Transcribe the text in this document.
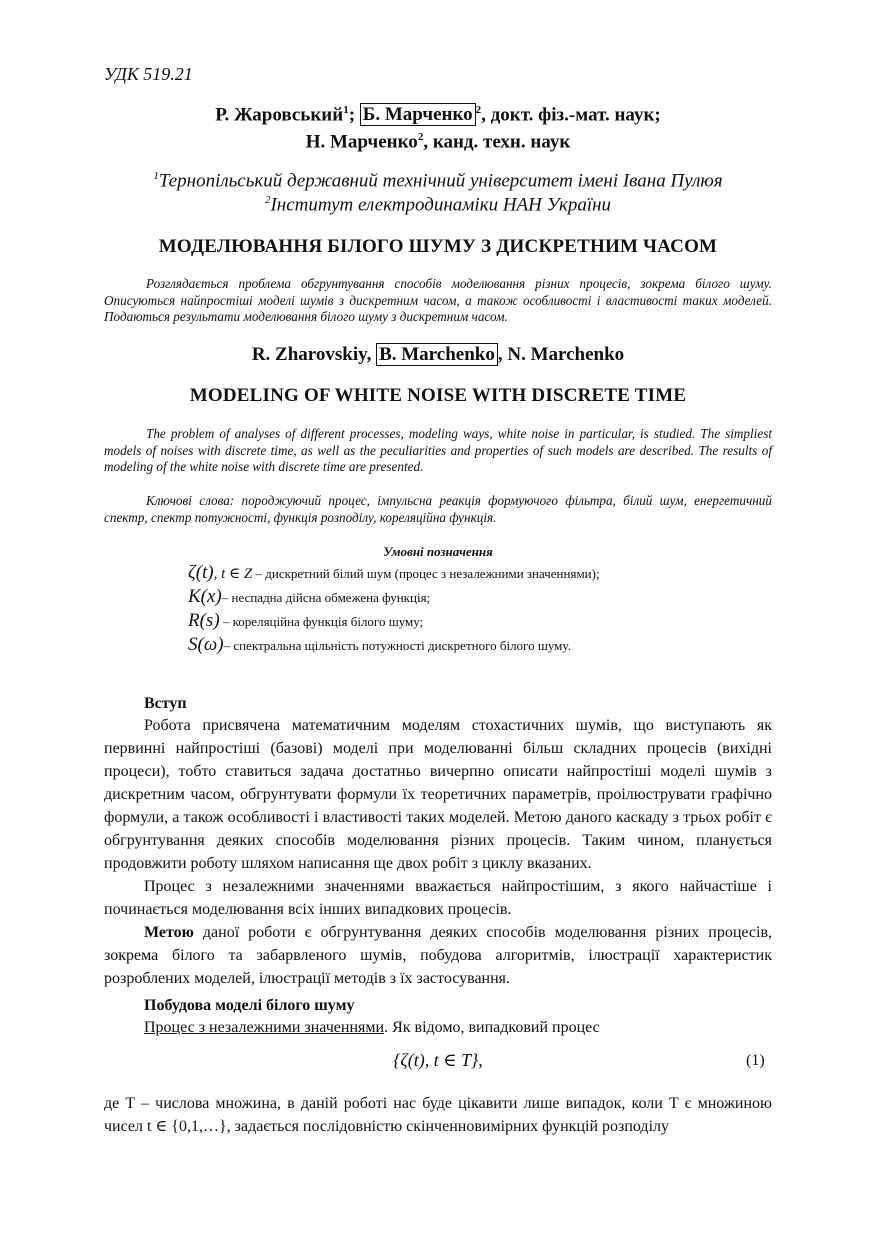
УДК 519.21
Р. Жаровський$^1$; Б. Марченко $^2$, докт. фіз.-мат. наук;
Н. Марченко$^2$, канд. техн. наук
$^1$Тернопільський державний технічний університет імені Івана Пулюя
$^2$Інститут електродинаміки НАН України
МОДЕЛЮВАННЯ БІЛОГО ШУМУ З ДИСКРЕТНИМ ЧАСОМ
Розглядається проблема обгрунтування способів моделювання різних процесів, зокрема білого шуму. Описуються найпростіші моделі шумів з дискретним часом, а також особливості і властивості таких моделей. Подаються результати моделювання білого шуму з дискретним часом.
R. Zharovskiy, B. Marchenko , N. Marchenko
MODELING OF WHITE NOISE WITH DISCRETE TIME
The problem of analyses of different processes, modeling ways, white noise in particular, is studied. The simpliest models of noises with discrete time, as well as the peculiarities and properties of such models are described. The results of modeling of the white noise with discrete time are presented.
Ключові слова: породжуючий процес, імпульсна реакція формуючого фільтра, білий шум, енергетичний спектр, спектр потужності, функція розподілу, кореляційна функція.
Умовні позначення
ζ(t), t ∈ Z – дискретний білий шум (процес з незалежними значеннями);
K(x)– неспадна дійсна обмежена функція;
R(s) – кореляційна функція білого шуму;
S(ω)– спектральна щільність потужності дискретного білого шуму.
Вступ

Робота присвячена математичним моделям стохастичних шумів, що виступають як первинні найпростіші (базові) моделі при моделюванні більш складних процесів (вихідні процеси), тобто ставиться задача достатньо вичерпно описати найпростіші моделі шумів з дискретним часом, обгрунтувати формули їх теоретичних параметрів, проілюструвати графічно формули, а також особливості і властивості таких моделей. Метою даного каскаду з трьох робіт є обгрунтування деяких способів моделювання різних процесів. Таким чином, планується продовжити роботу шляхом написання ще двох робіт з циклу вказаних.

Процес з незалежними значеннями вважається найпростішим, з якого найчастіше і починається моделювання всіх інших випадкових процесів.

Метою даної роботи є обгрунтування деяких способів моделювання різних процесів, зокрема білого та забарвленого шумів, побудова алгоритмів, ілюстрації характеристик розроблених моделей, ілюстрації методів з їх застосування.

Побудова моделі білого шуму

Процес з незалежними значеннями. Як відомо, випадковий процес

{ζ(t), t ∈ T},	(1)

де T – числова множина, в даній роботі нас буде цікавити лише випадок, коли T є множиною чисел t ∈ {0,1,…}, задається послідовністю скінченновимірних функцій розподілу
